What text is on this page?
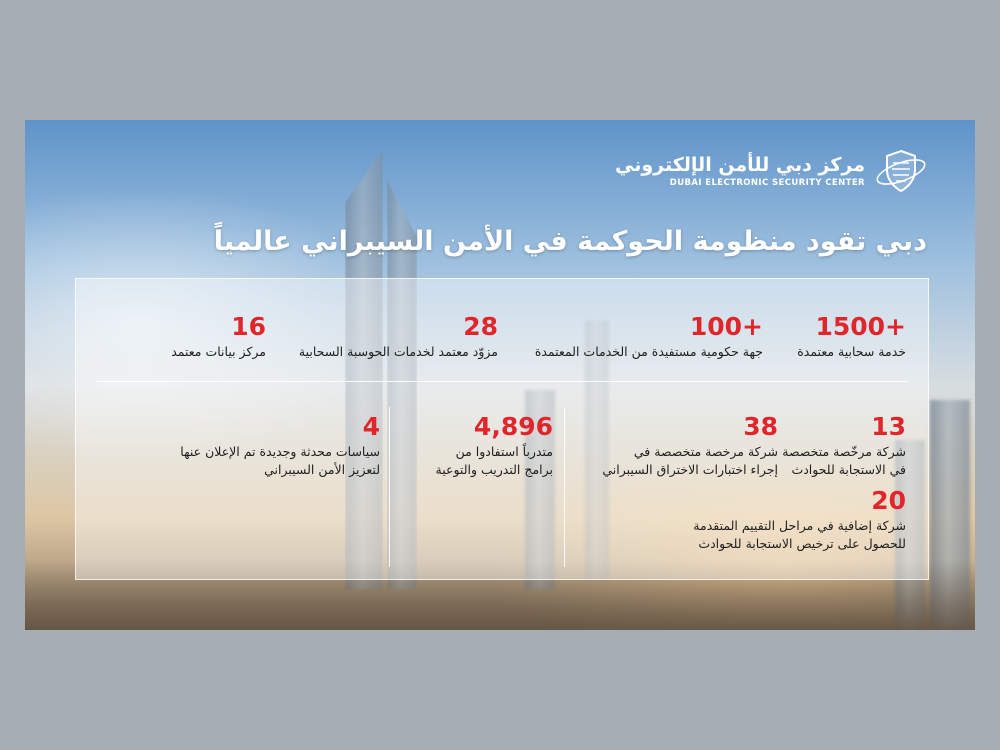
مركز دبي للأمن الإلكتروني
DUBAI ELECTRONIC SECURITY CENTER
دبي تقود منظومة الحوكمة في الأمن السيبراني عالمياً
1500+
خدمة سحابية معتمدة
100+
جهة حكومية مستفيدة من الخدمات المعتمدة
28
مزوّد معتمد لخدمات الحوسبة السحابية
16
مركز بيانات معتمد
13
شركة مرخّصة متخصصة
في الاستجابة للحوادث
20
شركة إضافية في مراحل التقييم المتقدمة
للحصول على ترخيص الاستجابة للحوادث
38
شركة مرخصة متخصصة في
إجراء اختبارات الاختراق السيبراني
4,896
متدرباً استفادوا من
برامج التدريب والتوعية
4
سياسات محدثة وجديدة تم الإعلان عنها
لتعزيز الأمن السيبراني
